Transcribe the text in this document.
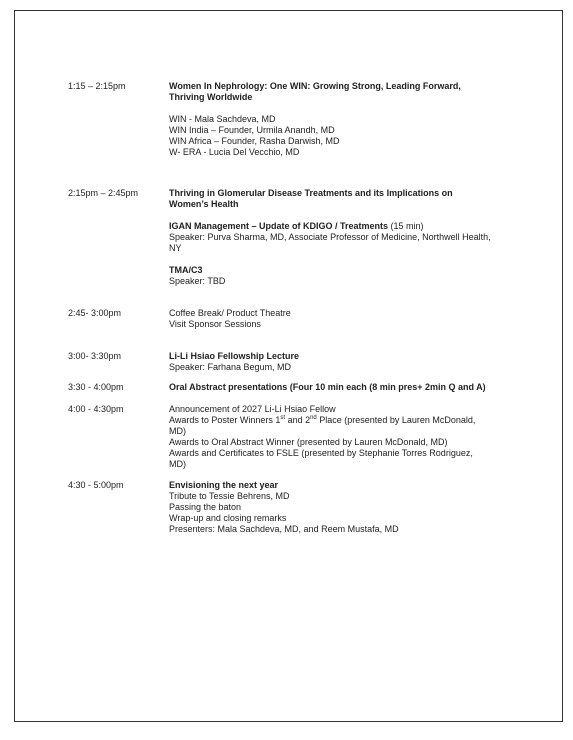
1:15 – 2:15pm	Women In Nephrology: One WIN: Growing Strong, Leading Forward,
Thriving Worldwide
WIN - Mala Sachdeva, MD
WIN India – Founder, Urmila Anandh, MD
WIN Africa – Founder, Rasha Darwish, MD
W- ERA - Lucia Del Vecchio, MD
2:15pm – 2:45pm	Thriving in Glomerular Disease Treatments and its Implications on
Women’s Health
IGAN Management – Update of KDIGO / Treatments (15 min)
Speaker: Purva Sharma, MD, Associate Professor of Medicine, Northwell Health,
NY
TMA/C3
Speaker: TBD
2:45- 3:00pm	Coffee Break/ Product Theatre
Visit Sponsor Sessions
3:00- 3:30pm	Li-Li Hsiao Fellowship Lecture
Speaker: Farhana Begum, MD
3:30 - 4:00pm	Oral Abstract presentations (Four 10 min each (8 min pres+ 2min Q and A)
4:00 - 4:30pm	Announcement of 2027 Li-Li Hsiao Fellow
Awards to Poster Winners 1st and 2nd Place (presented by Lauren McDonald,
MD)
Awards to Oral Abstract Winner (presented by Lauren McDonald, MD)
Awards and Certificates to FSLE (presented by Stephanie Torres Rodriguez,
MD)
4:30 - 5:00pm	Envisioning the next year
Tribute to Tessie Behrens, MD
Passing the baton
Wrap-up and closing remarks
Presenters: Mala Sachdeva, MD, and Reem Mustafa, MD
